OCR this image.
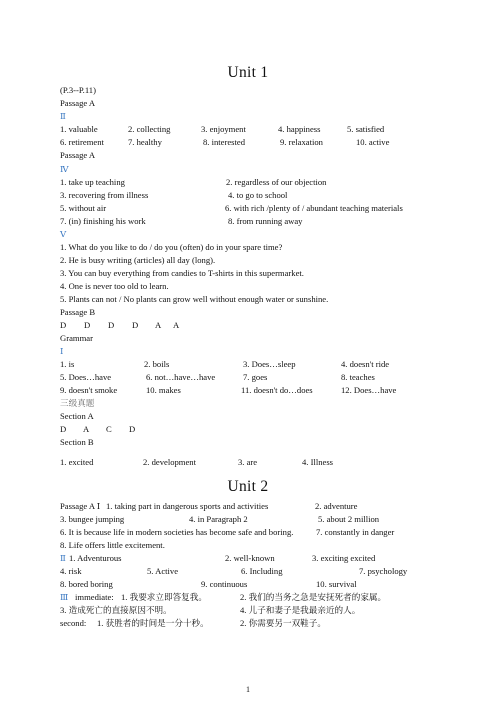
Unit 1
(P.3--P.11)
Passage A
Ⅱ
1. valuable	2. collecting	3. enjoyment	4. happiness	5. satisfied
6. retirement	7. healthy	8. interested	9. relaxation	10. active
Passage A
Ⅳ
1. take up teaching	2. regardless of our objection
3. recovering from illness	4. to go to school
5. without air	6. with rich /plenty of / abundant teaching materials
7. (in) finishing his work	8. from running away
Ⅴ
1. What do you like to do / do you (often) do in your spare time?
2. He is busy writing (articles) all day (long).
3. You can buy everything from candies to T-shirts in this supermarket.
4. One is never too old to learn.
5. Plants can not / No plants can grow well without enough water or sunshine.
Passage B
D D D D A A
Grammar
Ⅰ
1. is	2. boils	3. Does…sleep	4. doesn't ride
5. Does…have	6. not…have…have	7. goes	8. teaches
9. doesn't smoke	10. makes	11. doesn't do…does	12. Does…have
三级真题
Section A
D A C D
Section B
1. excited	2. development	3. are	4. Illness
Unit 2
Passage A Ⅰ 1. taking part in dangerous sports and activities	2. adventure
3. bungee jumping	4. in Paragraph 2	5. about 2 million
6. It is because life in modern societies has become safe and boring.	7. constantly in danger
8. Life offers little excitement.
Ⅱ 1. Adventurous	2. well-known	3. exciting excited
4. risk	5. Active	6. Including	7. psychology
8. bored boring	9. continuous	10. survival
Ⅲ immediate: 1. 我要求立即答复我。	2. 我们的当务之急是安抚死者的家属。
3. 造成死亡的直接原因不明。	4. 儿子和妻子是我最亲近的人。
second: 1. 获胜者的时间是一分十秒。	2. 你需要另一双鞋子。
1
